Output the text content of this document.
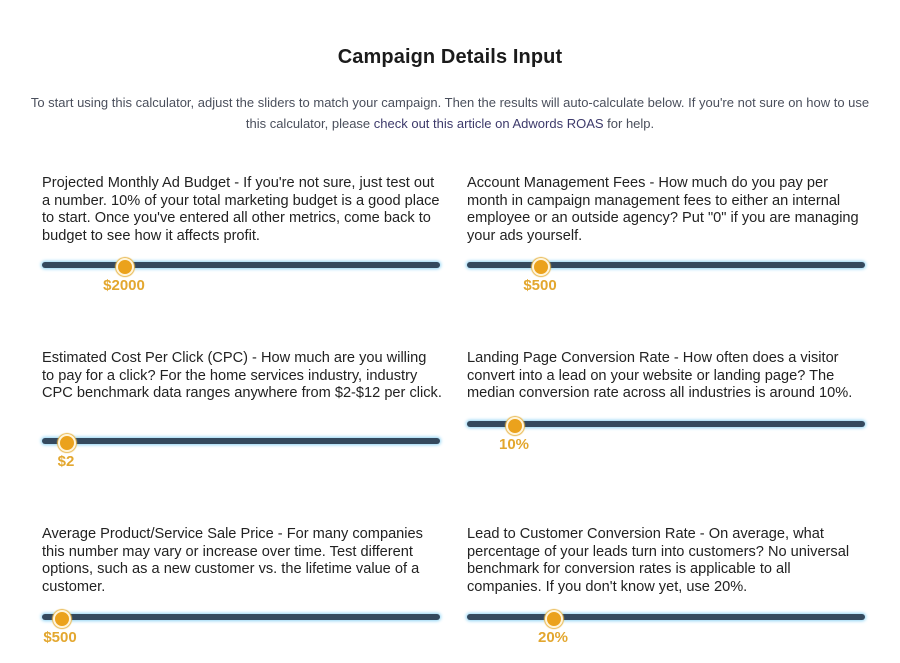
Campaign Details Input

To start using this calculator, adjust the sliders to match your campaign. Then the results will auto-calculate below. If you're not sure on how to use this calculator, please check out this article on Adwords ROAS for help.

Projected Monthly Ad Budget - If you're not sure, just test out a number. 10% of your total marketing budget is a good place to start. Once you've entered all other metrics, come back to budget to see how it affects profit.

$2000

Account Management Fees - How much do you pay per month in campaign management fees to either an internal employee or an outside agency? Put "0" if you are managing your ads yourself.

$500

Estimated Cost Per Click (CPC) - How much are you willing to pay for a click? For the home services industry, industry CPC benchmark data ranges anywhere from $2-$12 per click.

$2

Landing Page Conversion Rate - How often does a visitor convert into a lead on your website or landing page? The median conversion rate across all industries is around 10%.

10%

Average Product/Service Sale Price - For many companies this number may vary or increase over time. Test different options, such as a new customer vs. the lifetime value of a customer.

$500

Lead to Customer Conversion Rate - On average, what percentage of your leads turn into customers? No universal benchmark for conversion rates is applicable to all companies. If you don't know yet, use 20%.

20%
